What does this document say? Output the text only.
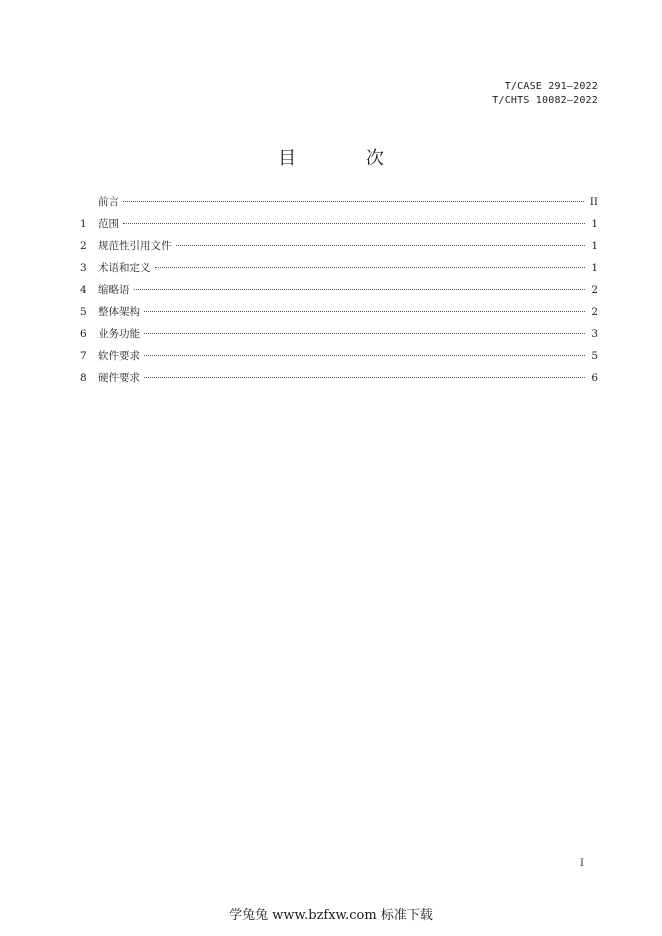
T/CASE 291—2022
T/CHTS 10082—2022
目 次
前言	II
1	范围	1
2	规范性引用文件	1
3	术语和定义	1
4	缩略语	2
5	整体架构	2
6	业务功能	3
7	软件要求	5
8	硬件要求	6
I
学兔兔 www.bzfxw.com 标准下载
